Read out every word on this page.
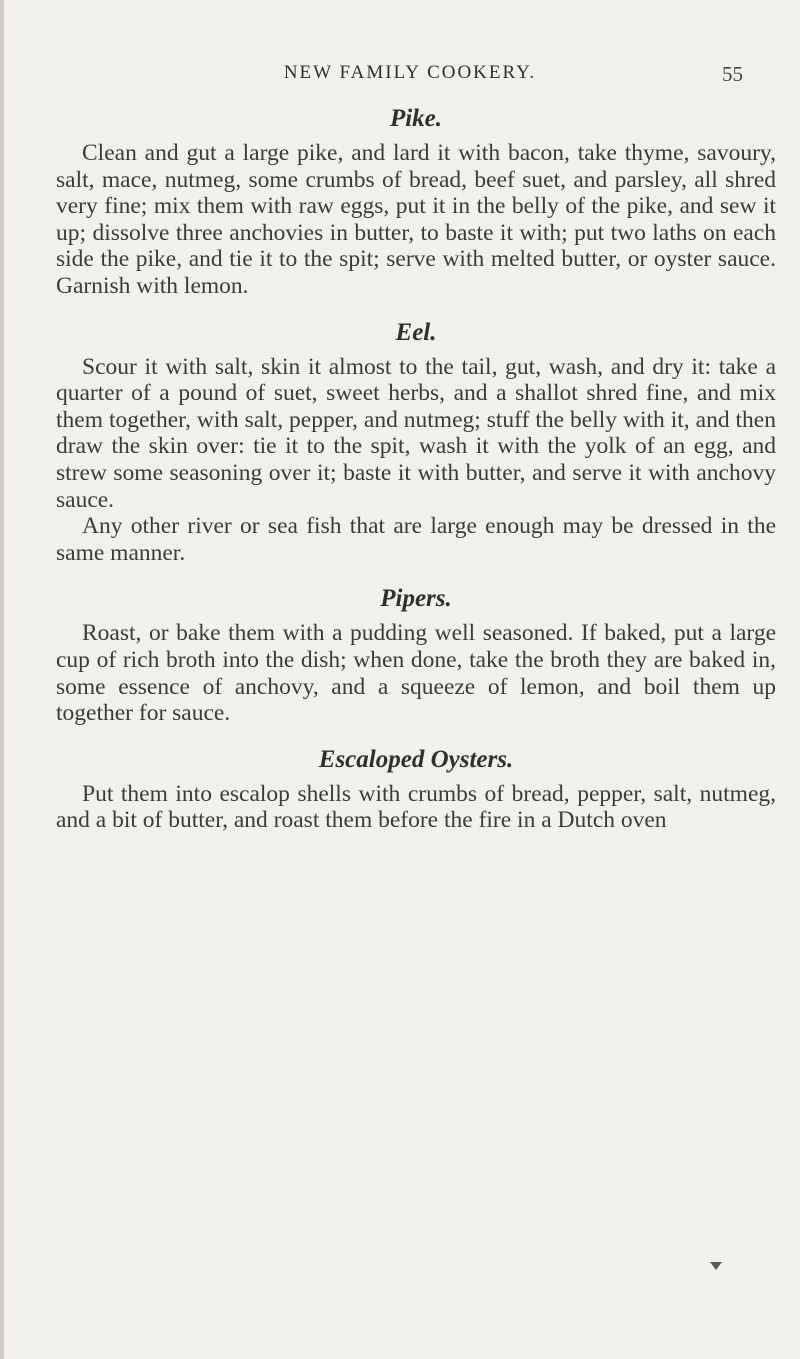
NEW FAMILY COOKERY.	55
Pike.

Clean and gut a large pike, and lard it with bacon, take thyme, savoury, salt, mace, nutmeg, some crumbs of bread, beef suet, and parsley, all shred very fine; mix them with raw eggs, put it in the belly of the pike, and sew it up; dissolve three anchovies in butter, to baste it with; put two laths on each side the pike, and tie it to the spit; serve with melted butter, or oyster sauce. Garnish with lemon.

Eel.

Scour it with salt, skin it almost to the tail, gut, wash, and dry it: take a quarter of a pound of suet, sweet herbs, and a shallot shred fine, and mix them together, with salt, pepper, and nutmeg; stuff the belly with it, and then draw the skin over: tie it to the spit, wash it with the yolk of an egg, and strew some seasoning over it; baste it with butter, and serve it with anchovy sauce.

Any other river or sea fish that are large enough may be dressed in the same manner.

Pipers.

Roast, or bake them with a pudding well seasoned. If baked, put a large cup of rich broth into the dish; when done, take the broth they are baked in, some essence of anchovy, and a squeeze of lemon, and boil them up together for sauce.

Escaloped Oysters.

Put them into escalop shells with crumbs of bread, pepper, salt, nutmeg, and a bit of butter, and roast them before the fire in a Dutch oven
